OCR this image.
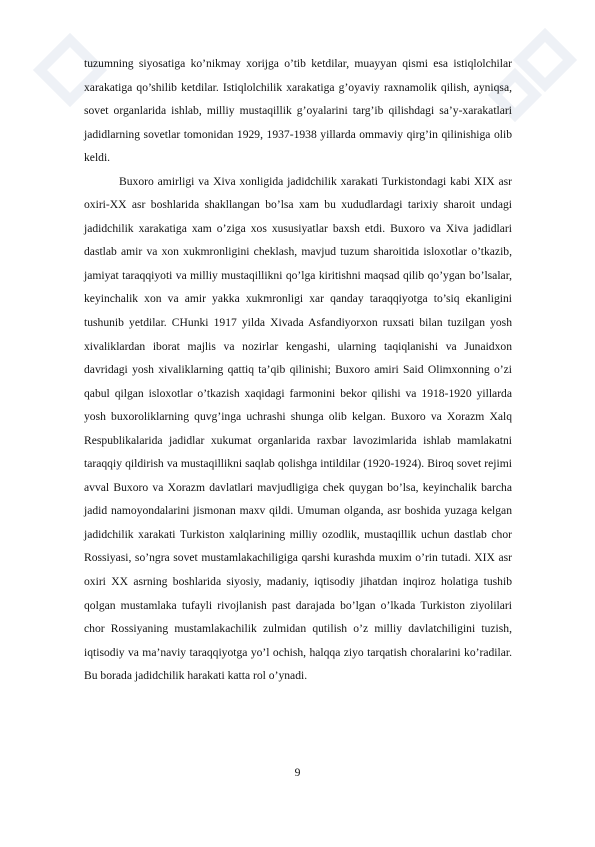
tuzumning siyosatiga ko’nikmay xorijga o’tib ketdilar, muayyan qismi esa istiqlolchilar xarakatiga qo’shilib ketdilar. Istiqlolchilik xarakatiga g’oyaviy raxnamolik qilish, ayniqsa, sovet organlarida ishlab, milliy mustaqillik g’oyalarini targ’ib qilishdagi sa’y-xarakatlari jadidlarning sovetlar tomonidan 1929, 1937-1938 yillarda ommaviy qirg’in qilinishiga olib keldi.

Buxoro amirligi va Xiva xonligida jadidchilik xarakati Turkistondagi kabi XIX asr oxiri-XX asr boshlarida shakllangan bo’lsa xam bu xududlardagi tarixiy sharoit undagi jadidchilik xarakatiga xam o’ziga xos xususiyatlar baxsh etdi. Buxoro va Xiva jadidlari dastlab amir va xon xukmronligini cheklash, mavjud tuzum sharoitida isloxotlar o’tkazib, jamiyat taraqqiyoti va milliy mustaqillikni qo’lga kiritishni maqsad qilib qo’ygan bo’lsalar, keyinchalik xon va amir yakka xukmronligi xar qanday taraqqiyotga to’siq ekanligini tushunib yetdilar. CHunki 1917 yilda Xivada Asfandiyorxon ruxsati bilan tuzilgan yosh xivaliklardan iborat majlis va nozirlar kengashi, ularning taqiqlanishi va Junaidxon davridagi yosh xivaliklarning qattiq ta’qib qilinishi; Buxoro amiri Said Olimxonning o’zi qabul qilgan isloxotlar o’tkazish xaqidagi farmonini bekor qilishi va 1918-1920 yillarda yosh buxoroliklarning quvg’inga uchrashi shunga olib kelgan. Buxoro va Xorazm Xalq Respublikalarida jadidlar xukumat organlarida raxbar lavozimlarida ishlab mamlakatni taraqqiy qildirish va mustaqillikni saqlab qolishga intildilar (1920-1924). Biroq sovet rejimi avval Buxoro va Xorazm davlatlari mavjudligiga chek quygan bo’lsa, keyinchalik barcha jadid namoyondalarini jismonan maxv qildi. Umuman olganda, asr boshida yuzaga kelgan jadidchilik xarakati Turkiston xalqlarining milliy ozodlik, mustaqillik uchun dastlab chor Rossiyasi, so’ngra sovet mustamlakachiligiga qarshi kurashda muxim o’rin tutadi. XIX asr oxiri XX asrning boshlarida siyosiy, madaniy, iqtisodiy jihatdan inqiroz holatiga tushib qolgan mustamlaka tufayli rivojlanish past darajada bo’lgan o’lkada Turkiston ziyolilari chor Rossiyaning mustamlakachilik zulmidan qutilish o’z milliy davlatchiligini tuzish, iqtisodiy va ma’naviy taraqqiyotga yo’l ochish, halqqa ziyo tarqatish choralarini ko’radilar. Bu borada jadidchilik harakati katta rol o’ynadi.

9
